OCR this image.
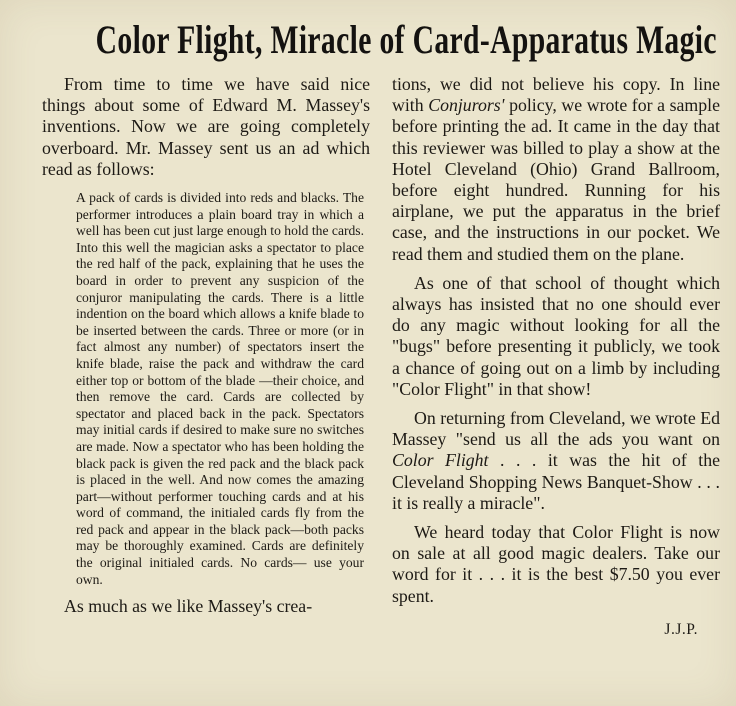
Color Flight, Miracle of Card-Apparatus Magic

From time to time we have said nice things about some of Edward M. Massey's inventions. Now we are going completely overboard. Mr. Massey sent us an ad which read as follows:

A pack of cards is divided into reds and blacks. The performer introduces a plain board tray in which a well has been cut just large enough to hold the cards. Into this well the magician asks a spectator to place the red half of the pack, explaining that he uses the board in order to prevent any suspicion of the conjuror manipulating the cards. There is a little indention on the board which allows a knife blade to be inserted between the cards. Three or more (or in fact almost any number) of spectators insert the knife blade, raise the pack and withdraw the card either top or bottom of the blade —their choice, and then remove the card. Cards are collected by spectator and placed back in the pack. Spectators may initial cards if desired to make sure no switches are made. Now a spectator who has been holding the black pack is given the red pack and the black pack is placed in the well. And now comes the amazing part—without performer touching cards and at his word of command, the initialed cards fly from the red pack and appear in the black pack—both packs may be thoroughly examined. Cards are definitely the original initialed cards. No cards— use your own.

As much as we like Massey's crea-

tions, we did not believe his copy. In line with Conjurors' policy, we wrote for a sample before printing the ad. It came in the day that this reviewer was billed to play a show at the Hotel Cleveland (Ohio) Grand Ballroom, before eight hundred. Running for his airplane, we put the apparatus in the brief case, and the instructions in our pocket. We read them and studied them on the plane.

As one of that school of thought which always has insisted that no one should ever do any magic without looking for all the "bugs" before presenting it publicly, we took a chance of going out on a limb by including "Color Flight" in that show!

On returning from Cleveland, we wrote Ed Massey "send us all the ads you want on Color Flight . . . it was the hit of the Cleveland Shopping News Banquet-Show . . . it is really a miracle".

We heard today that Color Flight is now on sale at all good magic dealers. Take our word for it . . . it is the best $7.50 you ever spent.

J.J.P.
